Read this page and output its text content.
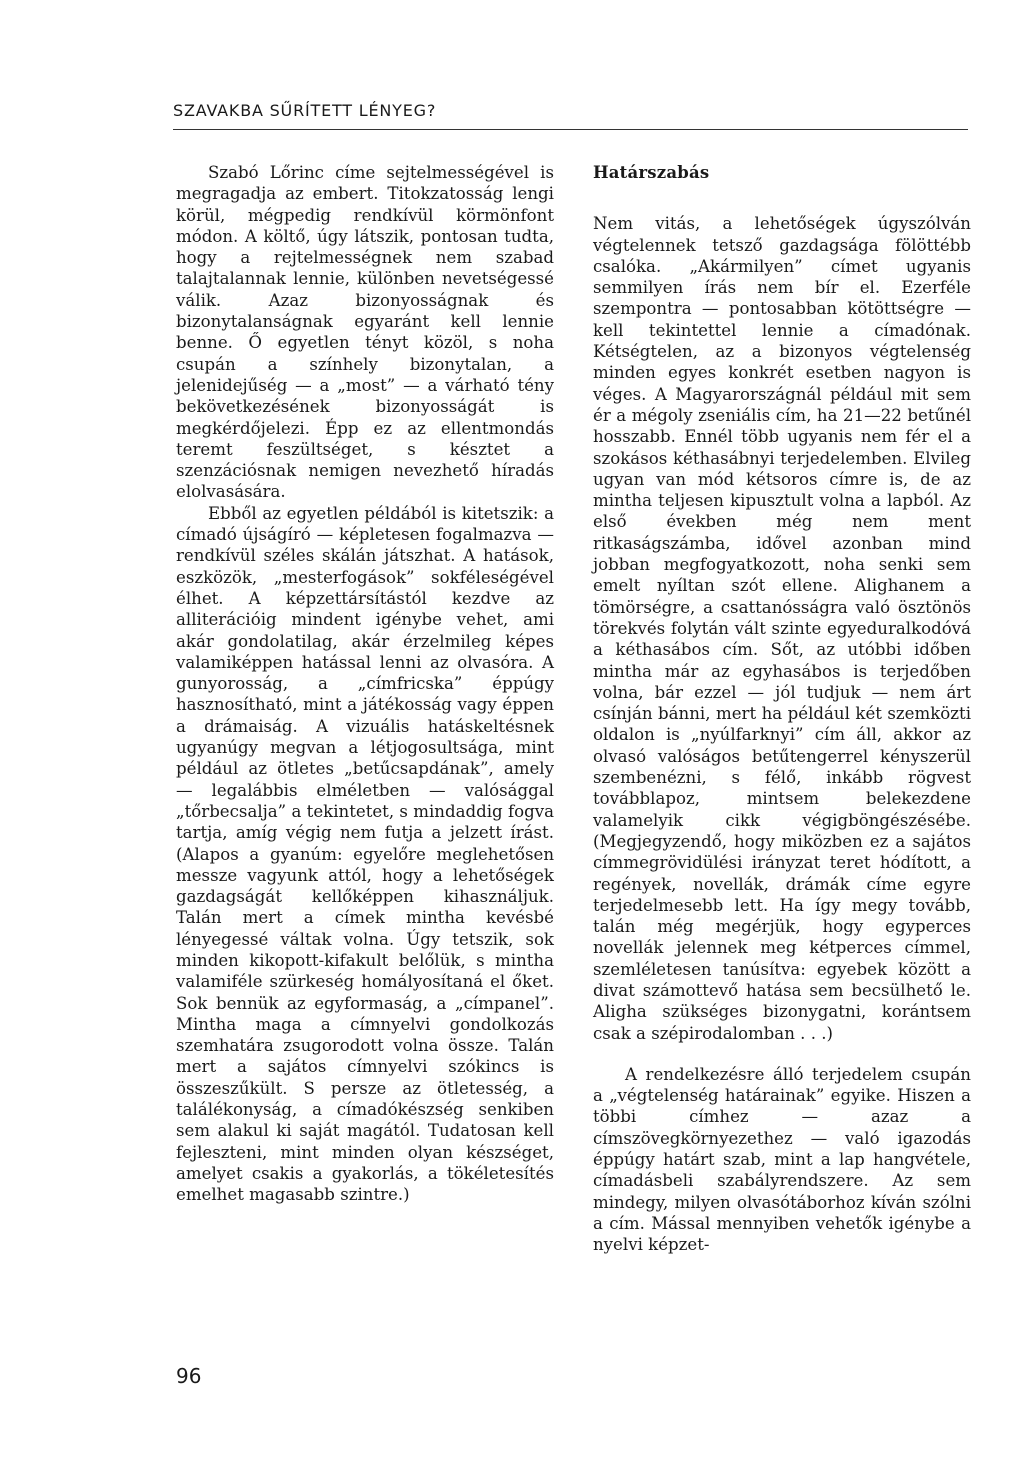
SZAVAKBA SŰRÍTETT LÉNYEG?

Szabó Lőrinc címe sejtelmességével is megragadja az embert. Titokzatosság lengi körül, mégpedig rendkívül körmönfont módon. A költő, úgy látszik, pontosan tudta, hogy a rejtelmességnek nem szabad talajtalannak lennie, különben nevetségessé válik. Azaz bizonyosságnak és bizonytalanságnak egyaránt kell lennie benne. Ő egyetlen tényt közöl, s noha csupán a színhely bizonytalan, a jelenidejűség — a „most” — a várható tény bekövetkezésének bizonyosságát is megkérdőjelezi. Épp ez az ellentmondás teremt feszültséget, s késztet a szenzációsnak nemigen nevezhető híradás elolvasására.

Ebből az egyetlen példából is kitetszik: a címadó újságíró — képletesen fogalmazva — rendkívül széles skálán játszhat. A hatások, eszközök, „mesterfogások” sokféleségével élhet. A képzettársítástól kezdve az alliterációig mindent igénybe vehet, ami akár gondolatilag, akár érzelmileg képes valamiképpen hatással lenni az olvasóra. A gunyorosság, a „címfricska” éppúgy hasznosítható, mint a játékosság vagy éppen a drámaiság. A vizuális hatáskeltésnek ugyanúgy megvan a létjogosultsága, mint például az ötletes „betűcsapdának”, amely — legalábbis elméletben — valósággal „tőrbecsalja” a tekintetet, s mindaddig fogva tartja, amíg végig nem futja a jelzett írást. (Alapos a gyanúm: egyelőre meglehetősen messze vagyunk attól, hogy a lehetőségek gazdagságát kellőképpen kihasználjuk. Talán mert a címek mintha kevésbé lényegessé váltak volna. Úgy tetszik, sok minden kikopott-kifakult belőlük, s mintha valamiféle szürkeség homályosítaná el őket. Sok bennük az egyformaság, a „címpanel”. Mintha maga a címnyelvi gondolkozás szemhatára zsugorodott volna össze. Talán mert a sajátos címnyelvi szókincs is összeszűkült. S persze az ötletesség, a találékonyság, a címadókészség senkiben sem alakul ki saját magától. Tudatosan kell fejleszteni, mint minden olyan készséget, amelyet csakis a gyakorlás, a tökéletesítés emelhet magasabb szintre.)

Határszabás

Nem vitás, a lehetőségek úgyszólván végtelennek tetsző gazdagsága fölöttébb csalóka. „Akármilyen” címet ugyanis semmilyen írás nem bír el. Ezerféle szempontra — pontosabban kötöttségre — kell tekintettel lennie a címadónak. Kétségtelen, az a bizonyos végtelenség minden egyes konkrét esetben nagyon is véges. A Magyarországnál például mit sem ér a mégoly zseniális cím, ha 21—22 betűnél hosszabb. Ennél több ugyanis nem fér el a szokásos kéthasábnyi terjedelemben. Elvileg ugyan van mód kétsoros címre is, de az mintha teljesen kipusztult volna a lapból. Az első években még nem ment ritkaságszámba, idővel azonban mind jobban megfogyatkozott, noha senki sem emelt nyíltan szót ellene. Alighanem a tömörségre, a csattanósságra való ösztönös törekvés folytán vált szinte egyeduralkodóvá a kéthasábos cím. Sőt, az utóbbi időben mintha már az egyhasábos is terjedőben volna, bár ezzel — jól tudjuk — nem árt csínján bánni, mert ha például két szemközti oldalon is „nyúlfarknyi” cím áll, akkor az olvasó valóságos betűtengerrel kényszerül szembenézni, s félő, inkább rögvest továbblapoz, mintsem belekezdene valamelyik cikk végigböngészésébe. (Megjegyzendő, hogy miközben ez a sajátos címmegrövidülési irányzat teret hódított, a regények, novellák, drámák címe egyre terjedelmesebb lett. Ha így megy tovább, talán még megérjük, hogy egyperces novellák jelennek meg kétperces címmel, szemléletesen tanúsítva: egyebek között a divat számottevő hatása sem becsülhető le. Aligha szükséges bizonygatni, korántsem csak a szépirodalomban . . .)

A rendelkezésre álló terjedelem csupán a „végtelenség határainak” egyike. Hiszen a többi címhez — azaz a címszövegkörnyezethez — való igazodás éppúgy határt szab, mint a lap hangvétele, címadásbeli szabályrendszere. Az sem mindegy, milyen olvasótáborhoz kíván szólni a cím. Mással mennyiben vehetők igénybe a nyelvi képzet-

96
